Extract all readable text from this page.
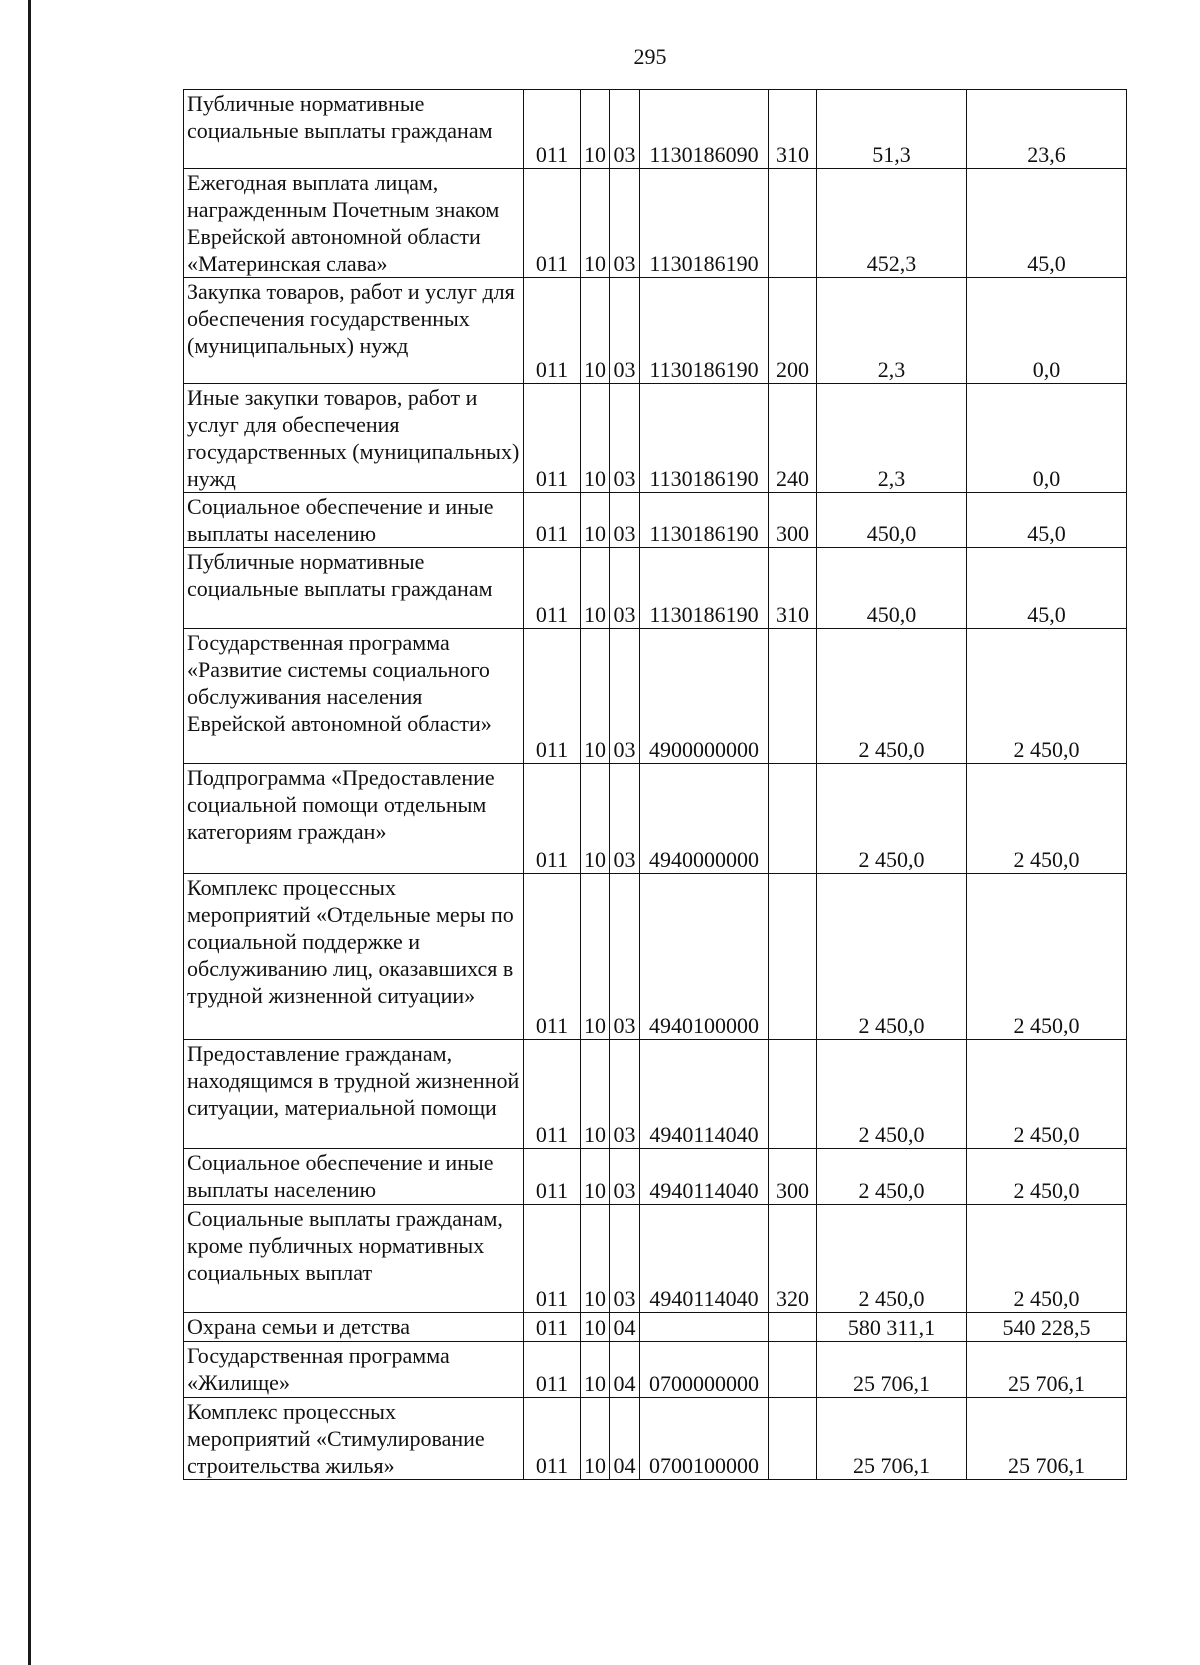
295
Публичные нормативные социальные выплаты гражданам	011	10	03	1130186090	310	51,3	23,6
Ежегодная выплата лицам, награжденным Почетным знаком Еврейской автономной области «Материнская слава»	011	10	03	1130186190		452,3	45,0
Закупка товаров, работ и услуг для обеспечения государственных (муниципальных) нужд	011	10	03	1130186190	200	2,3	0,0
Иные закупки товаров, работ и услуг для обеспечения государственных (муниципальных) нужд	011	10	03	1130186190	240	2,3	0,0
Социальное обеспечение и иные выплаты населению	011	10	03	1130186190	300	450,0	45,0
Публичные нормативные социальные выплаты гражданам	011	10	03	1130186190	310	450,0	45,0
Государственная программа «Развитие системы социального обслуживания населения Еврейской автономной области»	011	10	03	4900000000		2 450,0	2 450,0
Подпрограмма «Предоставление социальной помощи отдельным категориям граждан»	011	10	03	4940000000		2 450,0	2 450,0
Комплекс процессных мероприятий «Отдельные меры по социальной поддержке и обслуживанию лиц, оказавшихся в трудной жизненной ситуации»	011	10	03	4940100000		2 450,0	2 450,0
Предоставление гражданам, находящимся в трудной жизненной ситуации, материальной помощи	011	10	03	4940114040		2 450,0	2 450,0
Социальное обеспечение и иные выплаты населению	011	10	03	4940114040	300	2 450,0	2 450,0
Социальные выплаты гражданам, кроме публичных нормативных социальных выплат	011	10	03	4940114040	320	2 450,0	2 450,0
Охрана семьи и детства	011	10	04			580 311,1	540 228,5
Государственная программа «Жилище»	011	10	04	0700000000		25 706,1	25 706,1
Комплекс процессных мероприятий «Стимулирование строительства жилья»	011	10	04	0700100000		25 706,1	25 706,1
